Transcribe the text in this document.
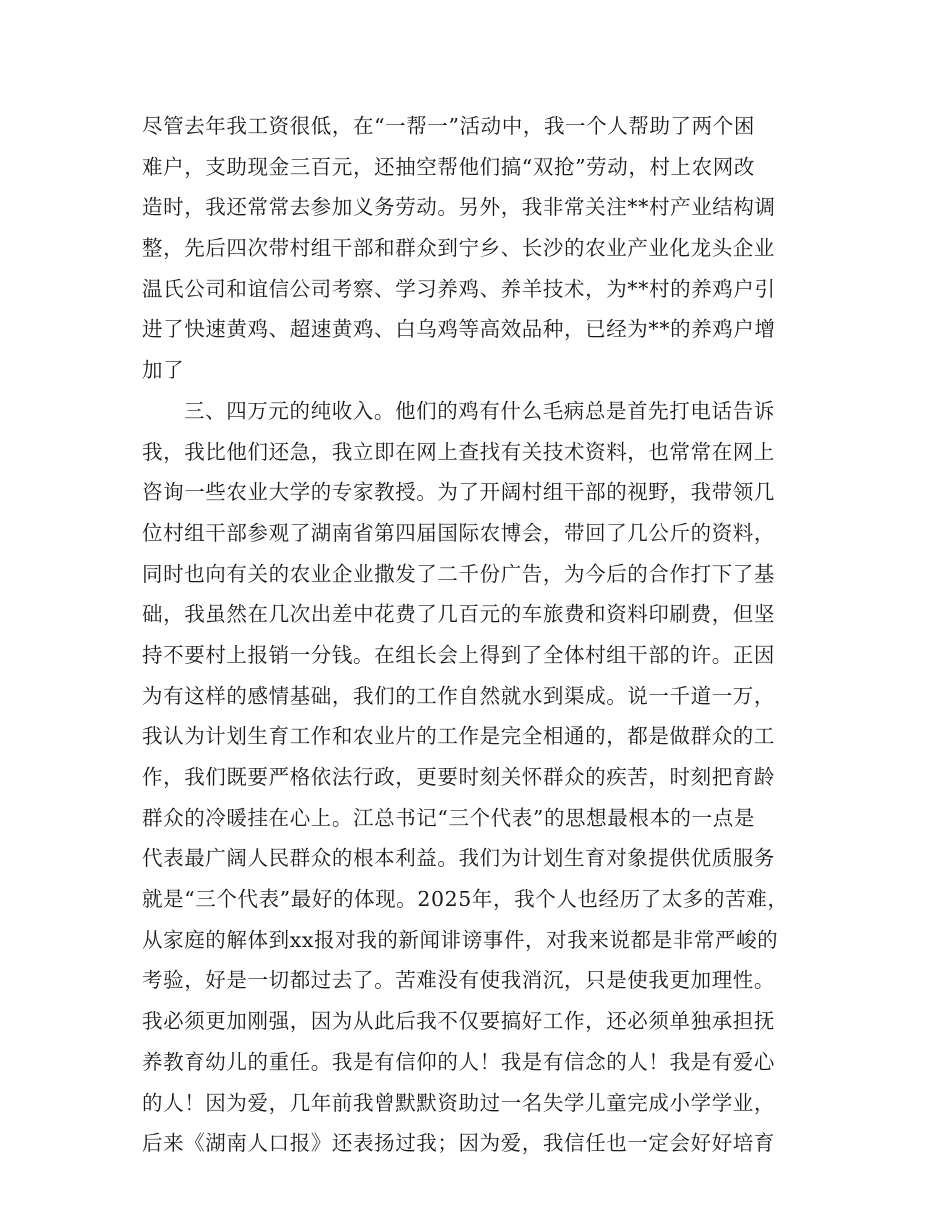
尽管去年我工资很低，在“一帮一”活动中，我一个人帮助了两个困
难户，支助现金三百元，还抽空帮他们搞“双抢”劳动，村上农网改
造时，我还常常去参加义务劳动。另外，我非常关注**村产业结构调
整，先后四次带村组干部和群众到宁乡、长沙的农业产业化龙头企业
温氏公司和谊信公司考察、学习养鸡、养羊技术，为**村的养鸡户引
进了快速黄鸡、超速黄鸡、白乌鸡等高效品种，已经为**的养鸡户增
加了
三、四万元的纯收入。他们的鸡有什么毛病总是首先打电话告诉
我，我比他们还急，我立即在网上查找有关技术资料，也常常在网上
咨询一些农业大学的专家教授。为了开阔村组干部的视野，我带领几
位村组干部参观了湖南省第四届国际农博会，带回了几公斤的资料，
同时也向有关的农业企业撒发了二千份广告，为今后的合作打下了基
础，我虽然在几次出差中花费了几百元的车旅费和资料印刷费，但坚
持不要村上报销一分钱。在组长会上得到了全体村组干部的许。正因
为有这样的感情基础，我们的工作自然就水到渠成。说一千道一万，
我认为计划生育工作和农业片的工作是完全相通的，都是做群众的工
作，我们既要严格依法行政，更要时刻关怀群众的疾苦，时刻把育龄
群众的冷暖挂在心上。江总书记“三个代表”的思想最根本的一点是
代表最广阔人民群众的根本利益。我们为计划生育对象提供优质服务
就是“三个代表”最好的体现。2025年，我个人也经历了太多的苦难，
从家庭的解体到xx报对我的新闻诽谤事件，对我来说都是非常严峻的
考验，好是一切都过去了。苦难没有使我消沉，只是使我更加理性。
我必须更加刚强，因为从此后我不仅要搞好工作，还必须单独承担抚
养教育幼儿的重任。我是有信仰的人！我是有信念的人！我是有爱心
的人！因为爱，几年前我曾默默资助过一名失学儿童完成小学学业，
后来《湖南人口报》还表扬过我；因为爱，我信任也一定会好好培育
